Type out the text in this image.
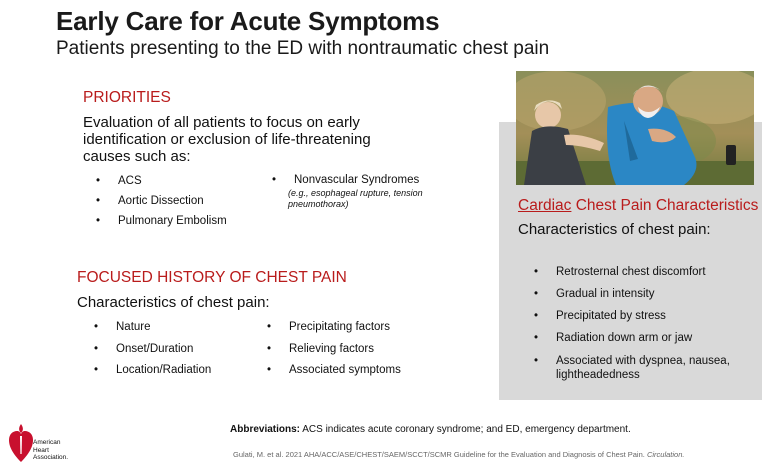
Early Care for Acute Symptoms
Patients presenting to the ED with nontraumatic chest pain
PRIORITIES
Evaluation of all patients to focus on early identification or exclusion of life-threatening causes such as:
• ACS
• Aortic Dissection
• Pulmonary Embolism
• Nonvascular Syndromes
(e.g., esophageal rupture, tension pneumothorax)
FOCUSED HISTORY OF CHEST PAIN
Characteristics of chest pain:
• Nature
• Onset/Duration
• Location/Radiation
• Precipitating factors
• Relieving factors
• Associated symptoms
Cardiac Chest Pain Characteristics
Characteristics of chest pain:
• Retrosternal chest discomfort
• Gradual in intensity
• Precipitated by stress
• Radiation down arm or jaw
• Associated with dyspnea, nausea, lightheadedness
Abbreviations: ACS indicates acute coronary syndrome; and ED, emergency department.
Gulati, M. et al. 2021 AHA/ACC/ASE/CHEST/SAEM/SCCT/SCMR Guideline for the Evaluation and Diagnosis of Chest Pain. Circulation.
American
Heart
Association.
